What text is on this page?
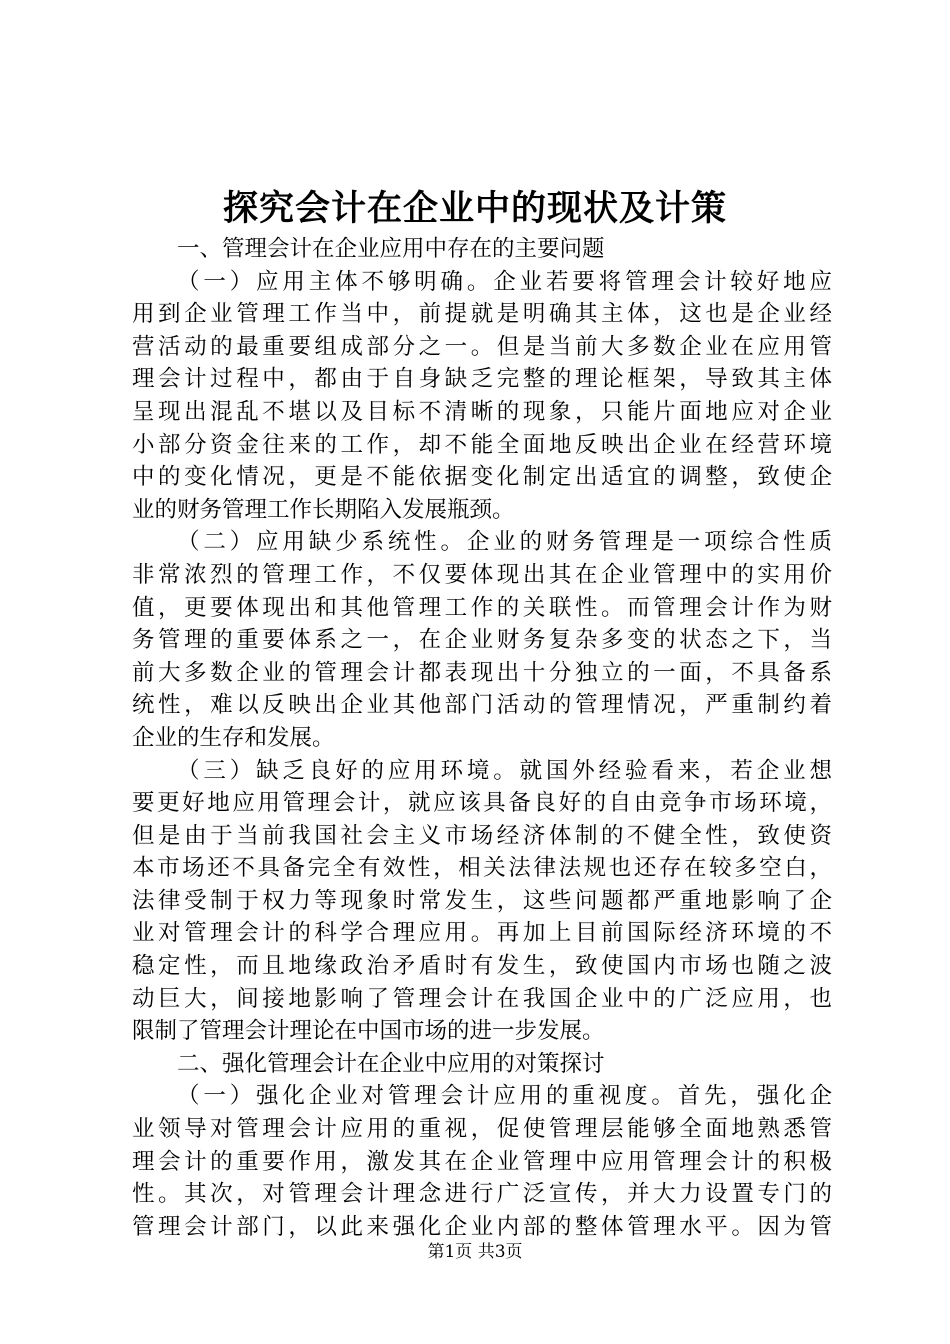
探究会计在企业中的现状及计策
一、管理会计在企业应用中存在的主要问题
（一）应用主体不够明确。企业若要将管理会计较好地应
用到企业管理工作当中，前提就是明确其主体，这也是企业经
营活动的最重要组成部分之一。但是当前大多数企业在应用管
理会计过程中，都由于自身缺乏完整的理论框架，导致其主体
呈现出混乱不堪以及目标不清晰的现象，只能片面地应对企业
小部分资金往来的工作，却不能全面地反映出企业在经营环境
中的变化情况，更是不能依据变化制定出适宜的调整，致使企
业的财务管理工作长期陷入发展瓶颈。
（二）应用缺少系统性。企业的财务管理是一项综合性质
非常浓烈的管理工作，不仅要体现出其在企业管理中的实用价
值，更要体现出和其他管理工作的关联性。而管理会计作为财
务管理的重要体系之一，在企业财务复杂多变的状态之下，当
前大多数企业的管理会计都表现出十分独立的一面，不具备系
统性，难以反映出企业其他部门活动的管理情况，严重制约着
企业的生存和发展。
（三）缺乏良好的应用环境。就国外经验看来，若企业想
要更好地应用管理会计，就应该具备良好的自由竞争市场环境，
但是由于当前我国社会主义市场经济体制的不健全性，致使资
本市场还不具备完全有效性，相关法律法规也还存在较多空白，
法律受制于权力等现象时常发生，这些问题都严重地影响了企
业对管理会计的科学合理应用。再加上目前国际经济环境的不
稳定性，而且地缘政治矛盾时有发生，致使国内市场也随之波
动巨大，间接地影响了管理会计在我国企业中的广泛应用，也
限制了管理会计理论在中国市场的进一步发展。
二、强化管理会计在企业中应用的对策探讨
（一）强化企业对管理会计应用的重视度。首先，强化企
业领导对管理会计应用的重视，促使管理层能够全面地熟悉管
理会计的重要作用，激发其在企业管理中应用管理会计的积极
性。其次，对管理会计理念进行广泛宣传，并大力设置专门的
管理会计部门，以此来强化企业内部的整体管理水平。因为管
第1页 共3页
